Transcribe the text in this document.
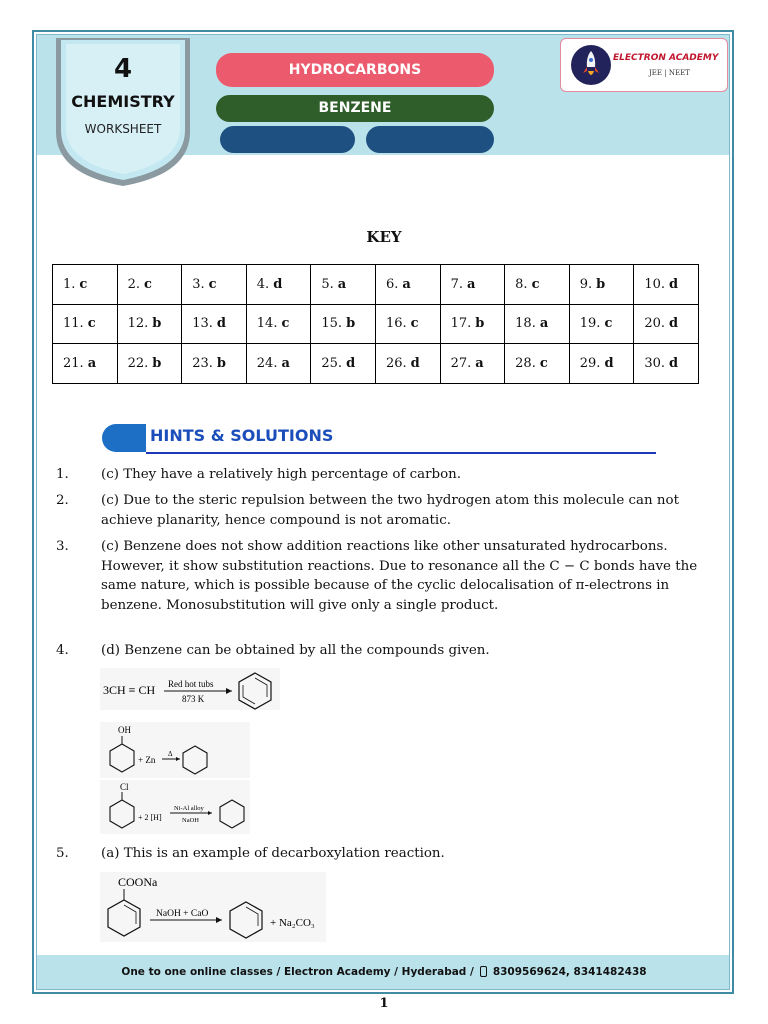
4
CHEMISTRY
WORKSHEET
HYDROCARBONS
BENZENE
ELECTRON ACADEMY
JEE | NEET
KEY
1. c	2. c	3. c	4. d	5. a	6. a	7. a	8. c	9. b	10. d
11. c	12. b	13. d	14. c	15. b	16. c	17. b	18. a	19. c	20. d
21. a	22. b	23. b	24. a	25. d	26. d	27. a	28. c	29. d	30. d
HINTS & SOLUTIONS
1. (c) They have a relatively high percentage of carbon.
2. (c) Due to the steric repulsion between the two hydrogen atom this molecule can not achieve planarity, hence compound is not aromatic.
3. (c) Benzene does not show addition reactions like other unsaturated hydrocarbons. However, it show substitution reactions. Due to resonance all the C − C bonds have the same nature, which is possible because of the cyclic delocalisation of π-electrons in benzene. Monosubstitution will give only a single product.
4. (d) Benzene can be obtained by all the compounds given.
3CH ≡ CH Red hot tubs
873 K
OH
+ Zn
Δ
Cl
+ 2 [H]
Ni-Al alloy
NaOH
5. (a) This is an example of decarboxylation reaction.
COONa
NaOH + CaO
+ Na₂CO₃
One to one online classes / Electron Academy / Hyderabad / 8309569624, 8341482438
1
